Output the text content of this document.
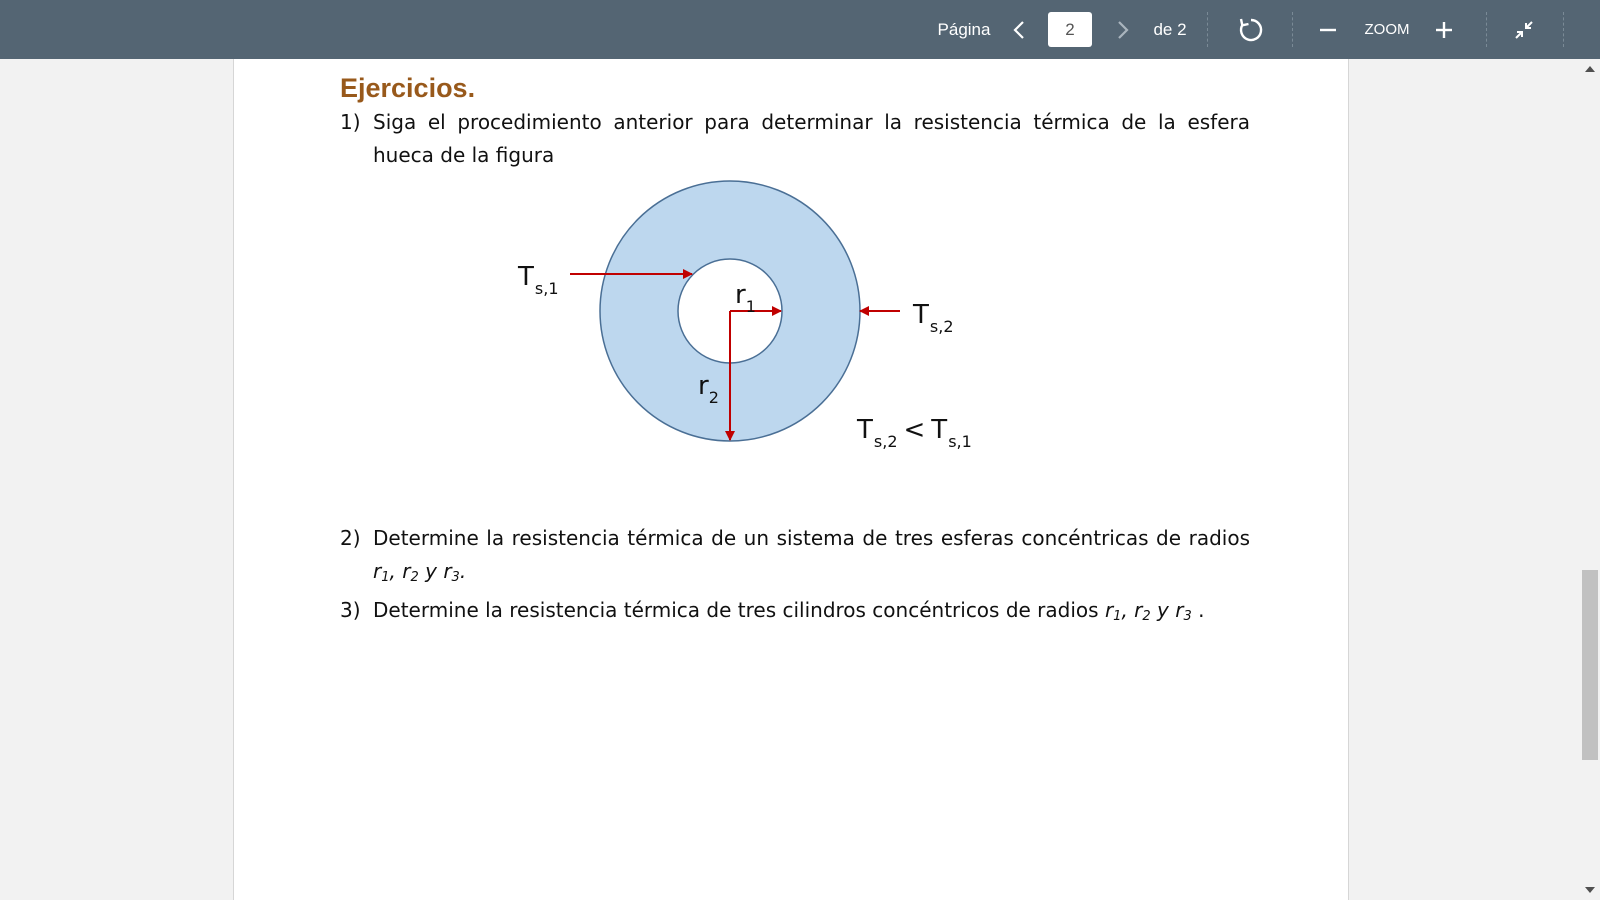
Página	2	de 2	ZOOM
Ejercicios.
1) Siga el procedimiento anterior para determinar la resistencia térmica de la esfera
hueca de la figura
$T_{s,1}$
$T_{s,2}$
$r_1$
$r_2$
$T_{s,2} < T_{s,1}$
2) Determine la resistencia térmica de un sistema de tres esferas concéntricas de radios
$r_1$, $r_2$ y $r_3$.
3) Determine la resistencia térmica de tres cilindros concéntricos de radios $r_1$, $r_2$ y $r_3$ .
